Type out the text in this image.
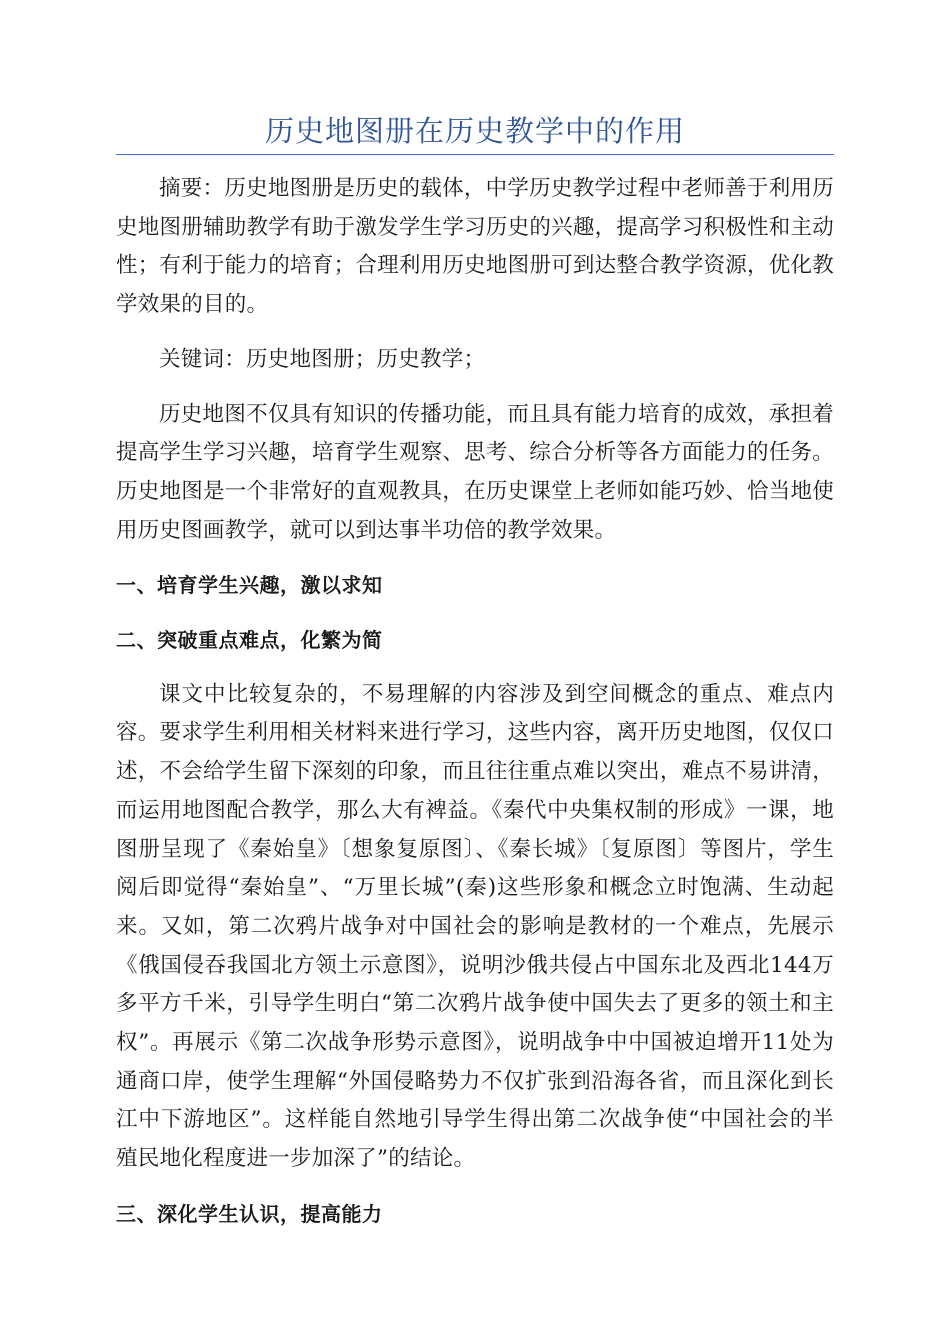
历史地图册在历史教学中的作用

摘要：历史地图册是历史的载体，中学历史教学过程中老师善于利用历史地图册辅助教学有助于激发学生学习历史的兴趣，提高学习积极性和主动性；有利于能力的培育；合理利用历史地图册可到达整合教学资源，优化教学效果的目的。

关键词：历史地图册；历史教学；

历史地图不仅具有知识的传播功能，而且具有能力培育的成效，承担着提高学生学习兴趣，培育学生观察、思考、综合分析等各方面能力的任务。历史地图是一个非常好的直观教具，在历史课堂上老师如能巧妙、恰当地使用历史图画教学，就可以到达事半功倍的教学效果。

一、培育学生兴趣，激以求知

二、突破重点难点，化繁为简

课文中比较复杂的，不易理解的内容涉及到空间概念的重点、难点内容。要求学生利用相关材料来进行学习，这些内容，离开历史地图，仅仅口述，不会给学生留下深刻的印象，而且往往重点难以突出，难点不易讲清，而运用地图配合教学，那么大有裨益。《秦代中央集权制的形成》一课，地图册呈现了《秦始皇》〔想象复原图〕、《秦长城》〔复原图〕等图片，学生阅后即觉得“秦始皇”、“万里长城”(秦)这些形象和概念立时饱满、生动起来。又如，第二次鸦片战争对中国社会的影响是教材的一个难点，先展示《俄国侵吞我国北方领土示意图》，说明沙俄共侵占中国东北及西北144万多平方千米，引导学生明白“第二次鸦片战争使中国失去了更多的领土和主权”。再展示《第二次战争形势示意图》，说明战争中中国被迫增开11处为通商口岸，使学生理解“外国侵略势力不仅扩张到沿海各省，而且深化到长江中下游地区”。这样能自然地引导学生得出第二次战争使“中国社会的半殖民地化程度进一步加深了”的结论。

三、深化学生认识，提高能力
